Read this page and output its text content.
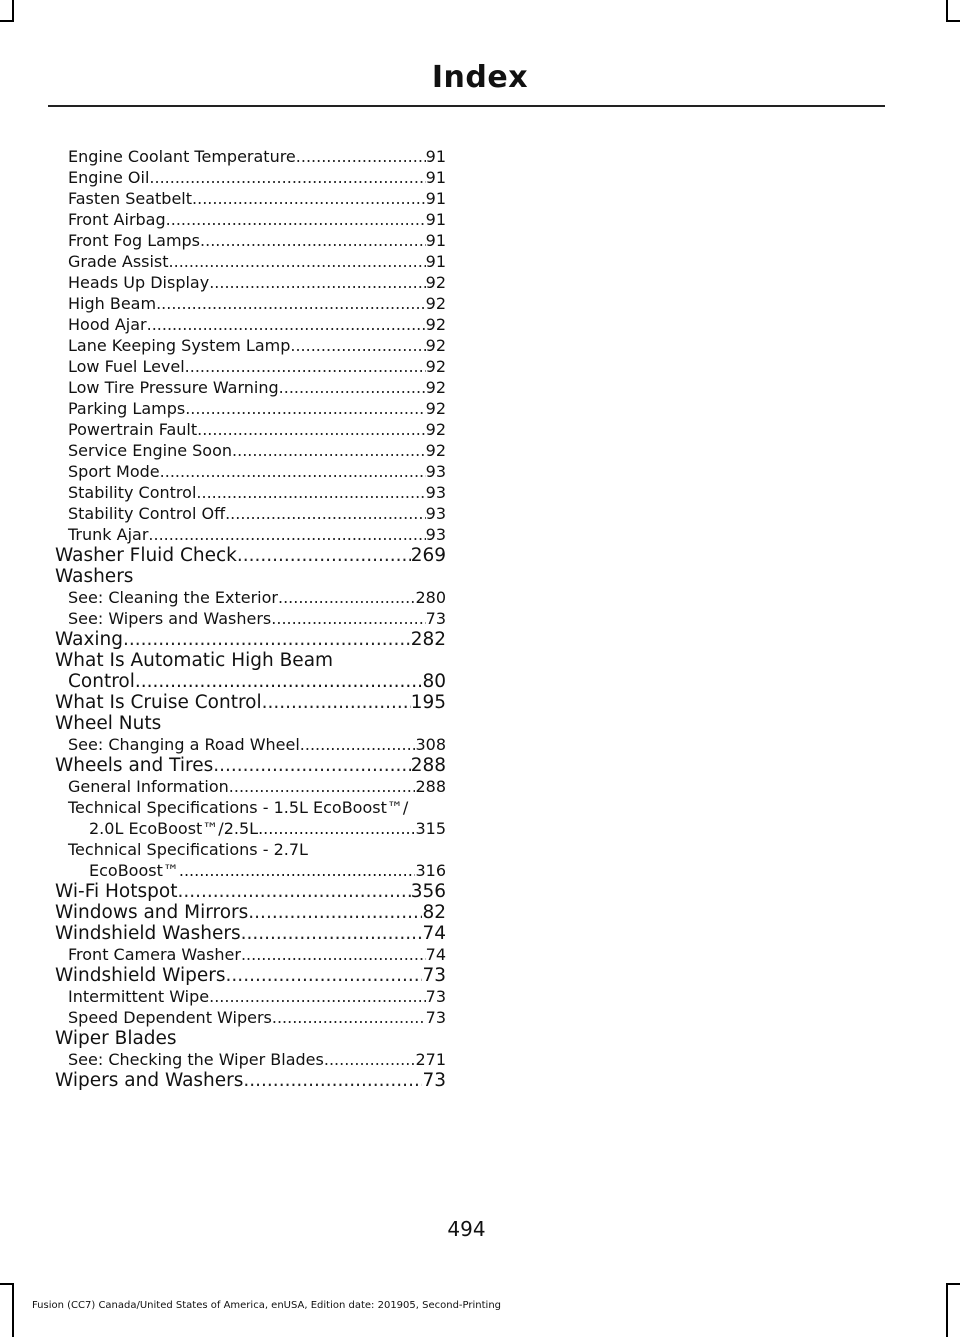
Index
Engine Coolant Temperature .....	91
Engine Oil .....	91
Fasten Seatbelt .....	91
Front Airbag .....	91
Front Fog Lamps .....	91
Grade Assist .....	91
Heads Up Display .....	92
High Beam .....	92
Hood Ajar .....	92
Lane Keeping System Lamp .....	92
Low Fuel Level .....	92
Low Tire Pressure Warning .....	92
Parking Lamps .....	92
Powertrain Fault .....	92
Service Engine Soon .....	92
Sport Mode .....	93
Stability Control .....	93
Stability Control Off .....	93
Trunk Ajar .....	93
Washer Fluid Check .....	269
Washers
See: Cleaning the Exterior .....	280
See: Wipers and Washers .....	73
Waxing .....	282
What Is Automatic High Beam
Control .....	80
What Is Cruise Control .....	195
Wheel Nuts
See: Changing a Road Wheel .....	308
Wheels and Tires .....	288
General Information .....	288
Technical Specifications - 1.5L EcoBoost™/
2.0L EcoBoost™/2.5L .....	315
Technical Specifications - 2.7L
EcoBoost™ .....	316
Wi-Fi Hotspot .....	356
Windows and Mirrors .....	82
Windshield Washers .....	74
Front Camera Washer .....	74
Windshield Wipers .....	73
Intermittent Wipe .....	73
Speed Dependent Wipers .....	73
Wiper Blades
See: Checking the Wiper Blades .....	271
Wipers and Washers .....	73
494
Fusion (CC7) Canada/United States of America, enUSA, Edition date: 201905, Second-Printing
